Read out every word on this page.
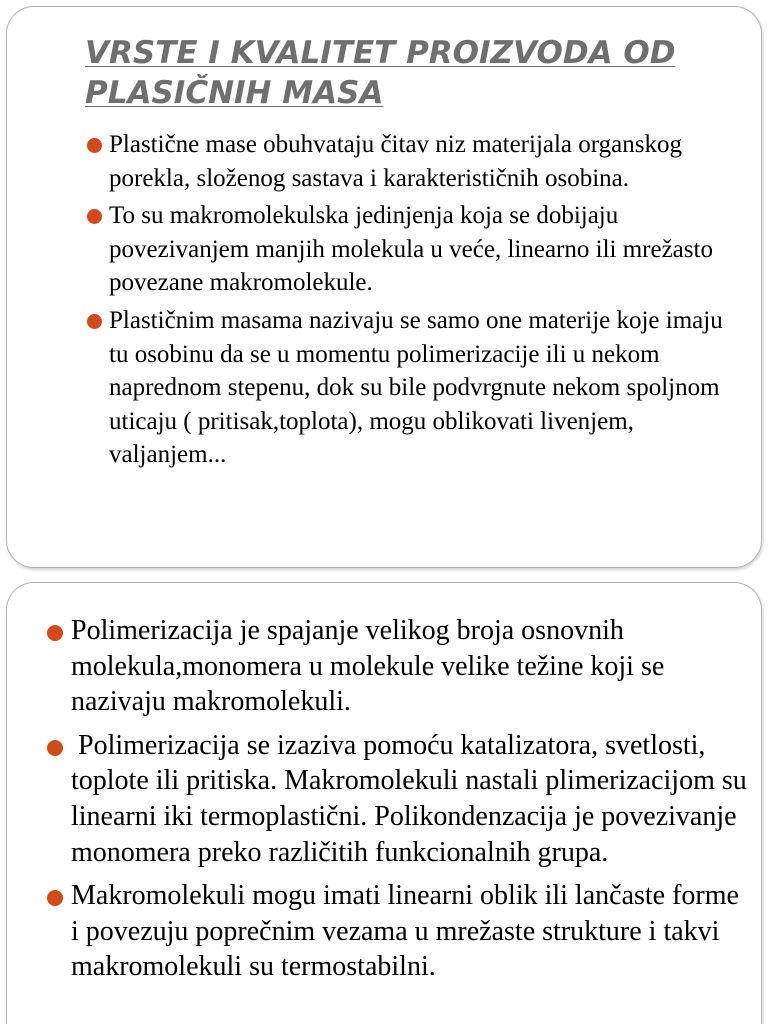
VRSTE I KVALITET PROIZVODA OD PLASIČNIH MASA
Plastične mase obuhvataju čitav niz materijala organskog porekla, složenog sastava i karakterističnih osobina.
To su makromolekulska jedinjenja koja se dobijaju povezivanjem manjih molekula u veće, linearno ili mrežasto povezane makromolekule.
Plastičnim masama nazivaju se samo one materije koje imaju tu osobinu da se u momentu polimerizacije ili u nekom naprednom stepenu, dok su bile podvrgnute nekom spoljnom uticaju ( pritisak,toplota), mogu oblikovati livenjem, valjanjem...
Polimerizacija je spajanje velikog broja osnovnih molekula,monomera u molekule velike težine koji se nazivaju makromolekuli.
Polimerizacija se izaziva pomoću katalizatora, svetlosti, toplote ili pritiska. Makromolekuli nastali plimerizacijom su linearni iki termoplastični. Polikondenzacija je povezivanje monomera preko različitih funkcionalnih grupa.
Makromolekuli mogu imati linearni oblik ili lančaste forme i povezuju poprečnim vezama u mrežaste strukture i takvi makromolekuli su termostabilni.
